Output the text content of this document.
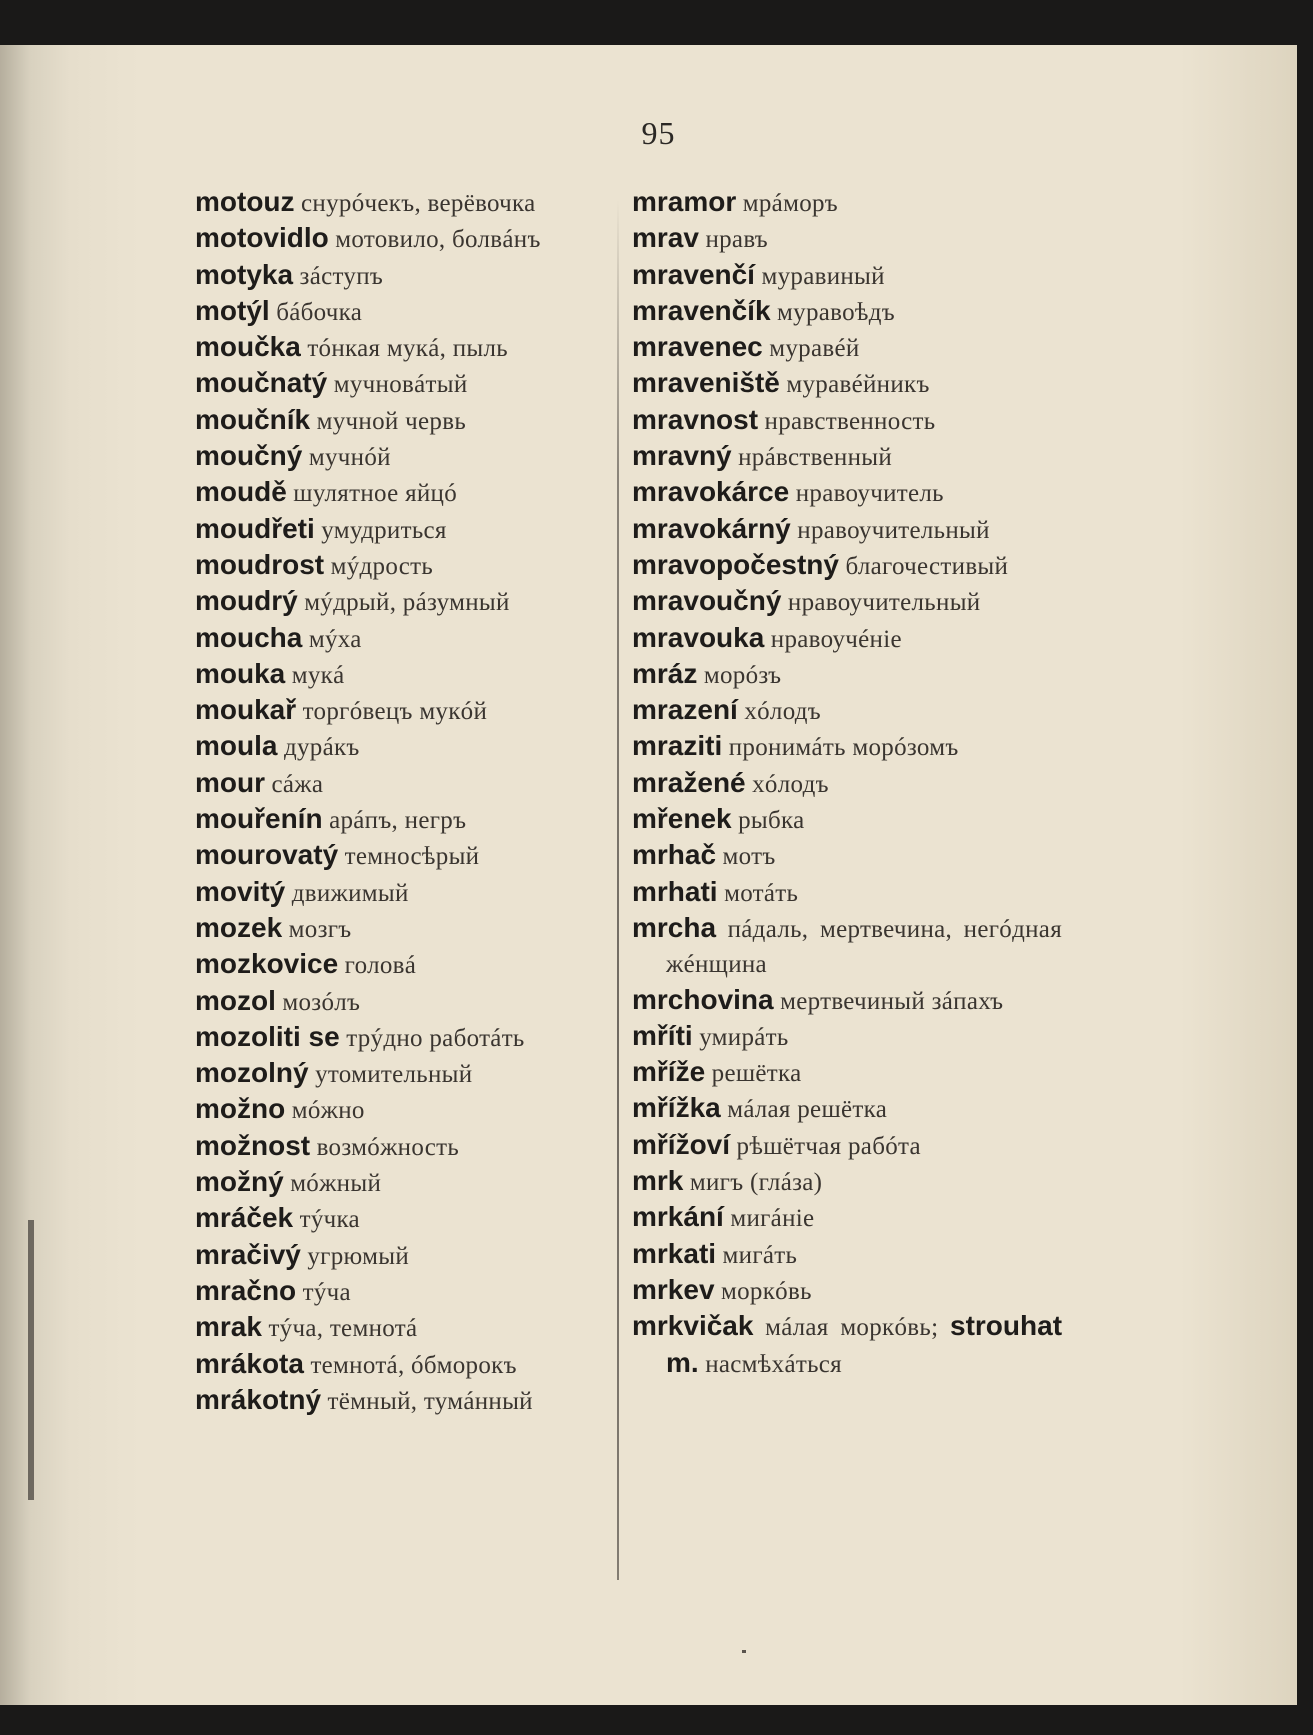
95
motouz снурóчекъ, верёвочка
motovidlo мотовило, болвáнъ
motyka зáступъ
motýl бáбочка
moučka тóнкая мукá, пыль
moučnatý мучновáтый
moučník мучной червь
moučný мучнóй
moudě шулятное яйцó
moudřeti умудриться
moudrost мýдрость
moudrý мýдрый, рáзумный
moucha мýха
mouka мукá
moukař торгóвецъ мукóй
moula дурáкъ
mour сáжа
mouřenín арáпъ, негръ
mourovatý темносѣрый
movitý движимый
mozek мозгъ
mozkovice головá
mozol мозóлъ
mozoliti se трýдно работáть
mozolný утомительный
možno мóжно
možnost возмóжность
možný мóжный
mráček тýчка
mračivý угрюмый
mračno тýча
mrak тýча, темнотá
mrákota темнотá, óбморокъ
mrákotný тёмный, тумáнный
mramor мрáморъ
mrav нравъ
mravenčí муравиный
mravenčík муравоѣдъ
mravenec муравéй
mraveniště муравéйникъ
mravnost нравственность
mravný нрáвственный
mravokárce нравоучитель
mravokárný нравоучительный
mravopočestný благочестивый
mravoučný нравоучительный
mravouka нравоучéніе
mráz морóзъ
mrazení хóлодъ
mraziti пронимáть морóзомъ
mražené хóлодъ
mřenek рыбка
mrhač мотъ
mrhati мотáть
mrcha пáдаль, мертвечина, негóдная жéнщина
mrchovina мертвечиный зáпахъ
mříti умирáть
mříže решётка
mřížka мáлая решётка
mřížoví рѣшётчая рабóта
mrk мигъ (глáза)
mrkání мигáніе
mrkati мигáть
mrkev моркóвь
mrkvičak мáлая моркóвь; strouhat m. насмѣхáться
